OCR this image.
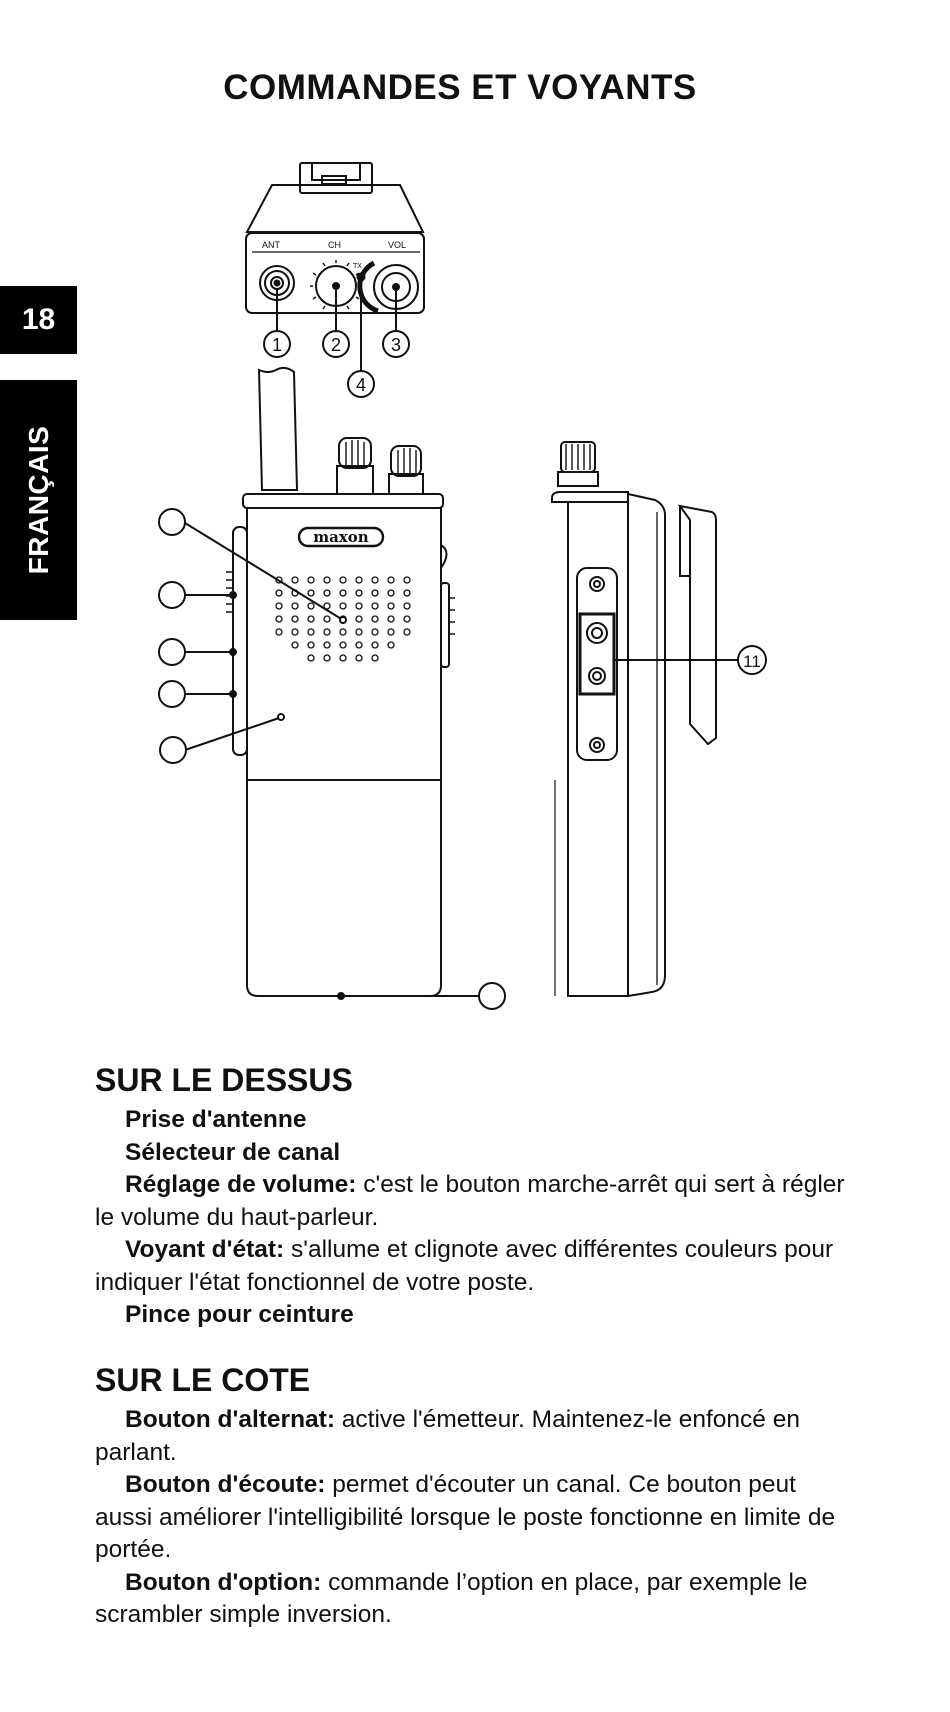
COMMANDES ET VOYANTS
18
FRANÇAIS
ANT	CH	VOL
TX
1	2	3
4
maxon
11
SUR LE DESSUS

Prise d'antenne

Sélecteur de canal

Réglage de volume: c'est le bouton marche-arrêt qui sert à régler le volume du haut-parleur.

Voyant d'état: s'allume et clignote avec différentes couleurs pour indiquer l'état fonctionnel de votre poste.

Pince pour ceinture

SUR LE COTE

Bouton d'alternat: active l'émetteur. Maintenez-le enfoncé en parlant.

Bouton d'écoute: permet d'écouter un canal. Ce bouton peut aussi améliorer l'intelligibilité lorsque le poste fonctionne en limite de portée.

Bouton d'option: commande l’option en place, par exemple le scrambler simple inversion.
